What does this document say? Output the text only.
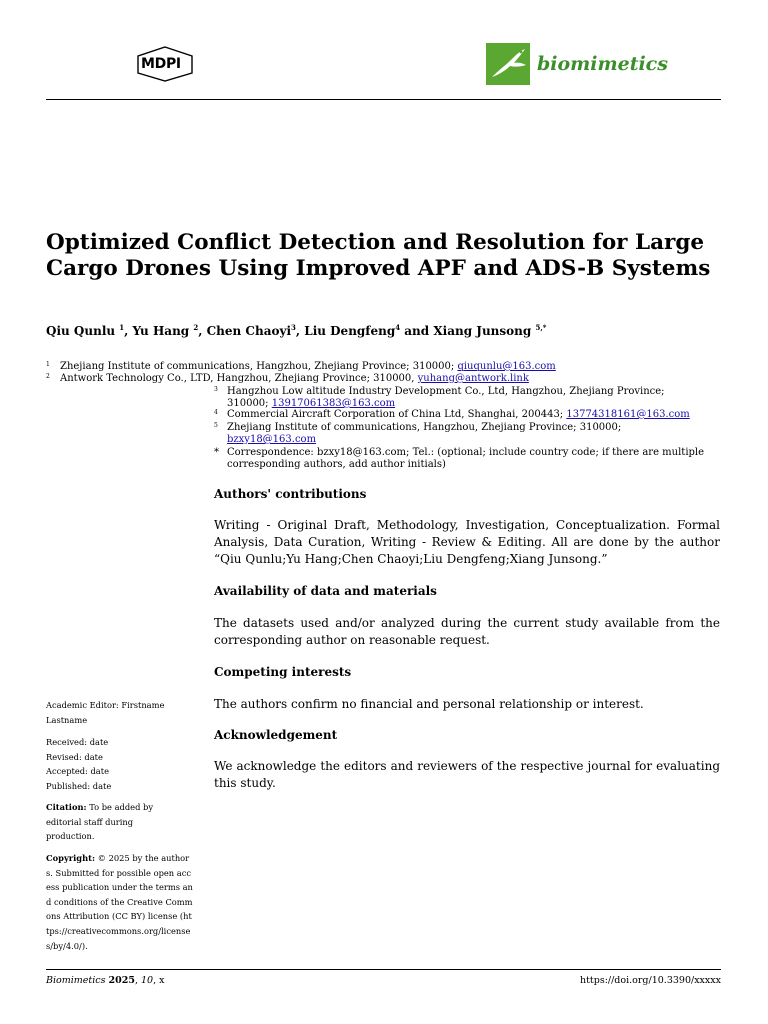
MDPI	biomimetics
Optimized Conflict Detection and Resolution for Large Cargo Drones Using Improved APF and ADS-B Systems

Qiu Qunlu $^1$, Yu Hang $^2$, Chen Chaoyi$^3$, Liu Dengfeng$^4$ and Xiang Junsong $^{5,*}$

1 Zhejiang Institute of communications, Hangzhou, Zhejiang Province; 310000; qiuqunlu@163.com
2 Antwork Technology Co., LTD, Hangzhou, Zhejiang Province; 310000, yuhang@antwork.link
3 Hangzhou Low altitude Industry Development Co., Ltd, Hangzhou, Zhejiang Province;
310000; 13917061383@163.com
4 Commercial Aircraft Corporation of China Ltd, Shanghai, 200443; 13774318161@163.com
5 Zhejiang Institute of communications, Hangzhou, Zhejiang Province; 310000;
bzxy18@163.com
* Correspondence: bzxy18@163.com; Tel.: (optional; include country code; if there are multiple
corresponding authors, add author initials)
Authors' contributions

Writing - Original Draft, Methodology, Investigation, Conceptualization. Formal Analysis, Data Curation, Writing - Review & Editing. All are done by the author “Qiu Qunlu;Yu Hang;Chen Chaoyi;Liu Dengfeng;Xiang Junsong.”

Availability of data and materials

The datasets used and/or analyzed during the current study available from the corresponding author on reasonable request.

Competing interests

The authors confirm no financial and personal relationship or interest.

Acknowledgement

We acknowledge the editors and reviewers of the respective journal for evaluating this study.

Academic Editor: Firstname Lastname
Received: date
Revised: date
Accepted: date
Published: date
Citation: To be added by editorial staff during production.
Copyright: © 2025 by the authors. Submitted for possible open access publication under the terms and conditions of the Creative Commons Attribution (CC BY) license (https://creativecommons.org/licenses/by/4.0/).
Biomimetics 2025, 10, x	https://doi.org/10.3390/xxxxx
